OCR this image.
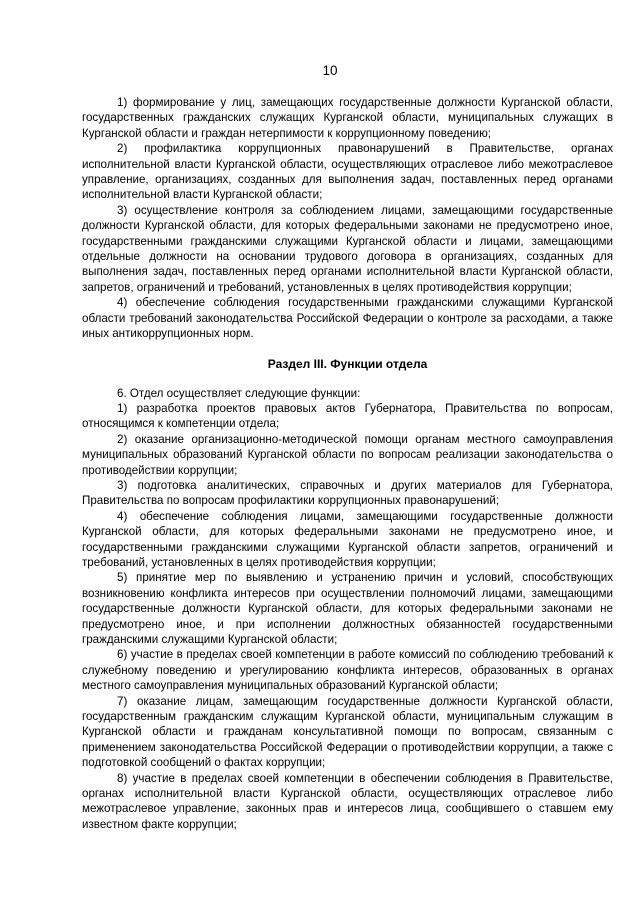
10

1) формирование у лиц, замещающих государственные должности Курганской области, государственных гражданских служащих Курганской области, муниципальных служащих в Курганской области и граждан нетерпимости к коррупционному поведению;

2) профилактика коррупционных правонарушений в Правительстве, органах исполнительной власти Курганской области, осуществляющих отраслевое либо межотраслевое управление, организациях, созданных для выполнения задач, поставленных перед органами исполнительной власти Курганской области;

3) осуществление контроля за соблюдением лицами, замещающими государственные должности Курганской области, для которых федеральными законами не предусмотрено иное, государственными гражданскими служащими Курганской области и лицами, замещающими отдельные должности на основании трудового договора в организациях, созданных для выполнения задач, поставленных перед органами исполнительной власти Курганской области, запретов, ограничений и требований, установленных в целях противодействия коррупции;

4) обеспечение соблюдения государственными гражданскими служащими Курганской области требований законодательства Российской Федерации о контроле за расходами, а также иных антикоррупционных норм.

Раздел III. Функции отдела

6. Отдел осуществляет следующие функции:

1) разработка проектов правовых актов Губернатора, Правительства по вопросам, относящимся к компетенции отдела;

2) оказание организационно-методической помощи органам местного самоуправления муниципальных образований Курганской области по вопросам реализации законодательства о противодействии коррупции;

3) подготовка аналитических, справочных и других материалов для Губернатора, Правительства по вопросам профилактики коррупционных правонарушений;

4) обеспечение соблюдения лицами, замещающими государственные должности Курганской области, для которых федеральными законами не предусмотрено иное, и государственными гражданскими служащими Курганской области запретов, ограничений и требований, установленных в целях противодействия коррупции;

5) принятие мер по выявлению и устранению причин и условий, способствующих возникновению конфликта интересов при осуществлении полномочий лицами, замещающими государственные должности Курганской области, для которых федеральными законами не предусмотрено иное, и при исполнении должностных обязанностей государственными гражданскими служащими Курганской области;

6) участие в пределах своей компетенции в работе комиссий по соблюдению требований к служебному поведению и урегулированию конфликта интересов, образованных в органах местного самоуправления муниципальных образований Курганской области;

7) оказание лицам, замещающим государственные должности Курганской области, государственным гражданским служащим Курганской области, муниципальным служащим в Курганской области и гражданам консультативной помощи по вопросам, связанным с применением законодательства Российской Федерации о противодействии коррупции, а также с подготовкой сообщений о фактах коррупции;

8) участие в пределах своей компетенции в обеспечении соблюдения в Правительстве, органах исполнительной власти Курганской области, осуществляющих отраслевое либо межотраслевое управление, законных прав и интересов лица, сообщившего о ставшем ему известном факте коррупции;
